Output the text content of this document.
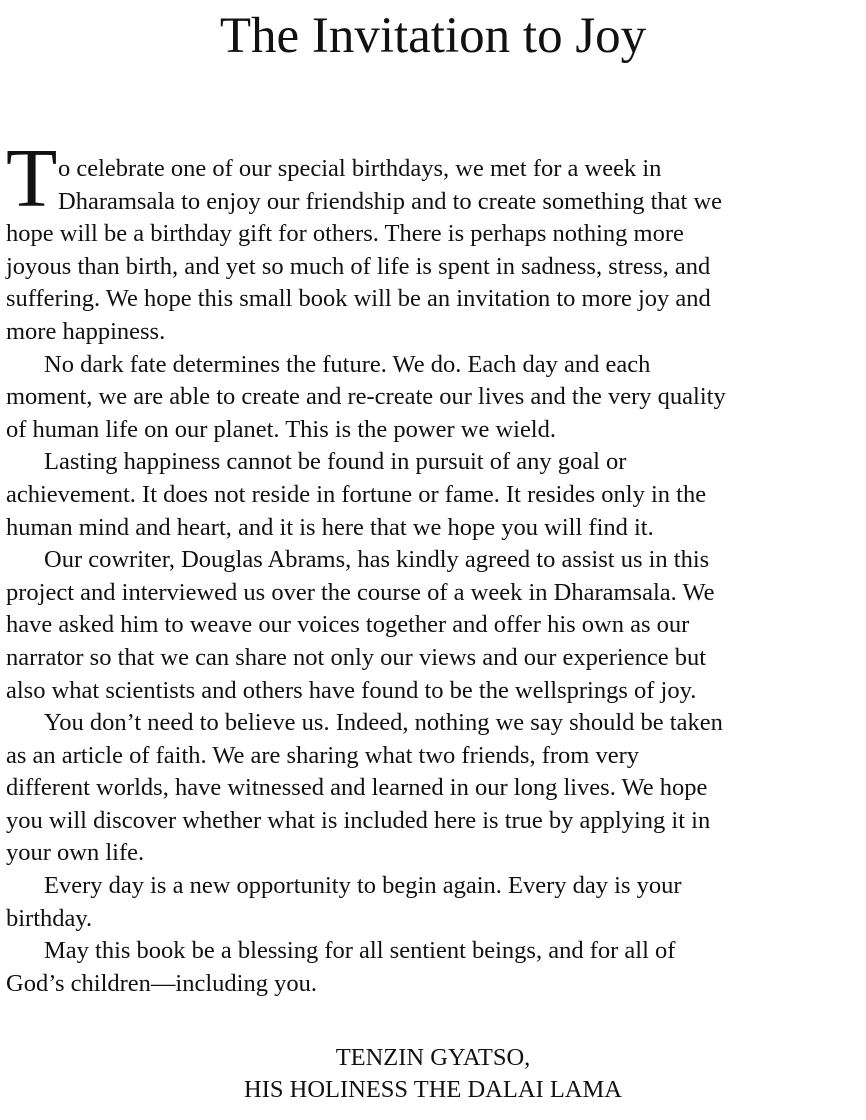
The Invitation to Joy

T o celebrate one of our special birthdays, we met for a week in
Dharamsala to enjoy our friendship and to create something that we
hope will be a birthday gift for others. There is perhaps nothing more
joyous than birth, and yet so much of life is spent in sadness, stress, and
suffering. We hope this small book will be an invitation to more joy and
more happiness.

No dark fate determines the future. We do. Each day and each
moment, we are able to create and re-create our lives and the very quality
of human life on our planet. This is the power we wield.

Lasting happiness cannot be found in pursuit of any goal or
achievement. It does not reside in fortune or fame. It resides only in the
human mind and heart, and it is here that we hope you will find it.

Our cowriter, Douglas Abrams, has kindly agreed to assist us in this
project and interviewed us over the course of a week in Dharamsala. We
have asked him to weave our voices together and offer his own as our
narrator so that we can share not only our views and our experience but
also what scientists and others have found to be the wellsprings of joy.

You don’t need to believe us. Indeed, nothing we say should be taken
as an article of faith. We are sharing what two friends, from very
different worlds, have witnessed and learned in our long lives. We hope
you will discover whether what is included here is true by applying it in
your own life.

Every day is a new opportunity to begin again. Every day is your
birthday.

May this book be a blessing for all sentient beings, and for all of
God’s children—including you.

TENZIN GYATSO,
HIS HOLINESS THE DALAI LAMA
